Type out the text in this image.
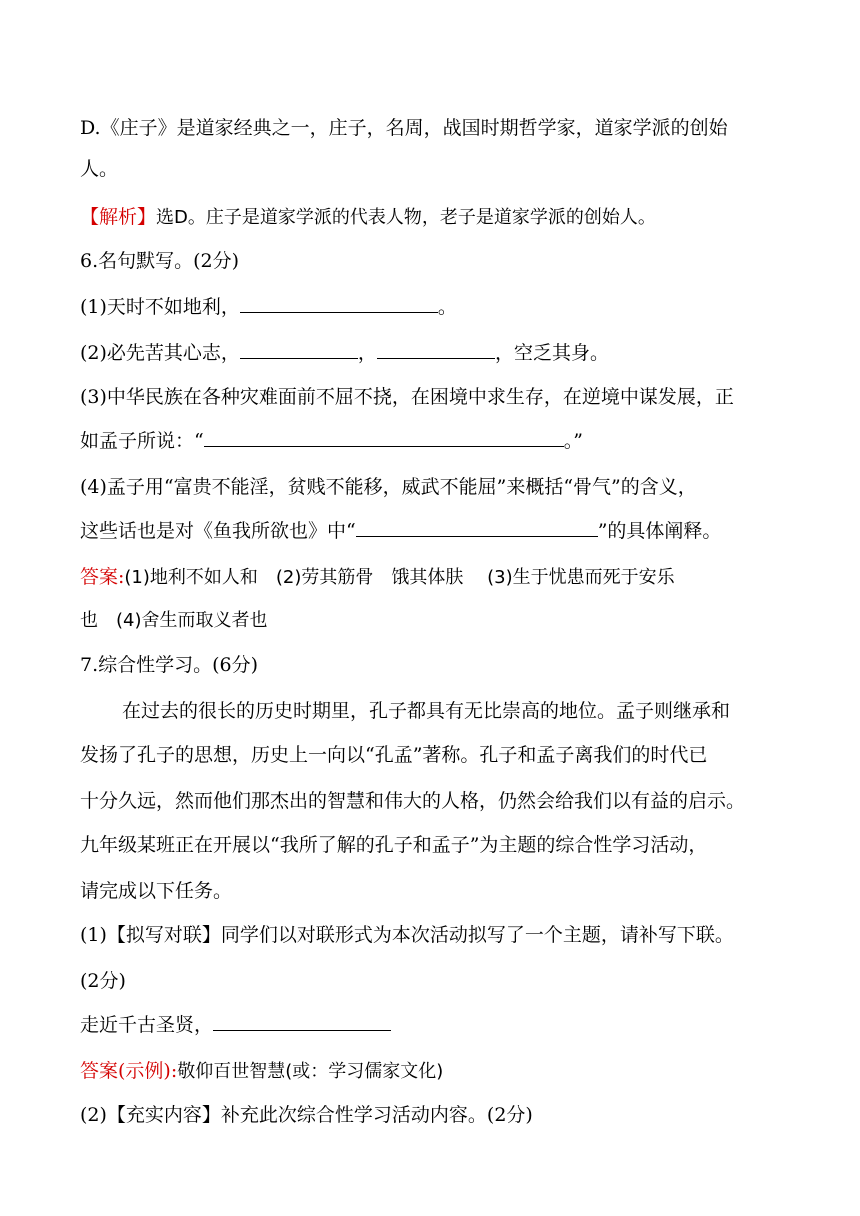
D.《庄子》是道家经典之一，庄子，名周，战国时期哲学家，道家学派的创始
人。
【解析】选D。庄子是道家学派的代表人物，老子是道家学派的创始人。
6.名句默写。(2分)
(1)天时不如地利，	。
(2)必先苦其心志，	，	，空乏其身。
(3)中华民族在各种灾难面前不屈不挠，在困境中求生存，在逆境中谋发展，正
如孟子所说：“	。”
(4)孟子用“富贵不能淫，贫贱不能移，威武不能屈”来概括“骨气”的含义，
这些话也是对《鱼我所欲也》中“	”的具体阐释。
答案:(1)地利不如人和　(2)劳其筋骨　饿其体肤　 (3)生于忧患而死于安乐
也　(4)舍生而取义者也
7.综合性学习。(6分)
在过去的很长的历史时期里，孔子都具有无比崇高的地位。孟子则继承和
发扬了孔子的思想，历史上一向以“孔孟”著称。孔子和孟子离我们的时代已
十分久远，然而他们那杰出的智慧和伟大的人格，仍然会给我们以有益的启示。
九年级某班正在开展以“我所了解的孔子和孟子”为主题的综合性学习活动，
请完成以下任务。
(1)【拟写对联】同学们以对联形式为本次活动拟写了一个主题，请补写下联。
(2分)
走近千古圣贤，
答案(示例):敬仰百世智慧(或：学习儒家文化)
(2)【充实内容】补充此次综合性学习活动内容。(2分)
